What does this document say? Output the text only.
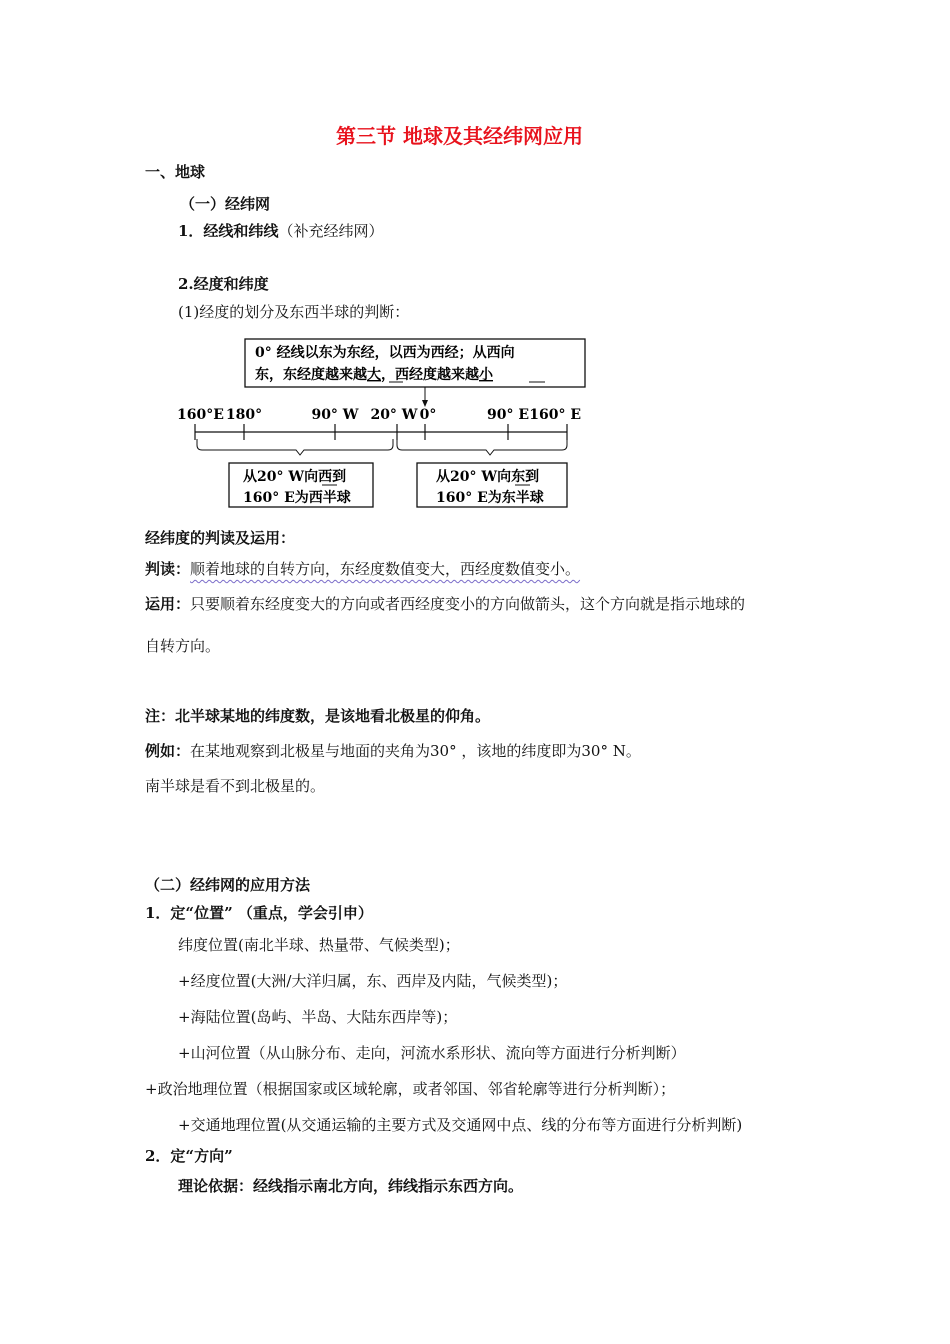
第三节 地球及其经纬网应用
一、地球
（一）经纬网
1．经线和纬线（补充经纬网）
2.经度和纬度
(1)经度的划分及东西半球的判断：
0° 经线以东为东经，以西为西经；从西向
东，东经度越来越大，西经度越来越小
160°E 180°	90° W 20° W 0°	90° E 160° E
从20° W向西到
160° E为西半球
从20° W向东到
160° E为东半球
经纬度的判读及运用：
判读：顺着地球的自转方向，东经度数值变大，西经度数值变小。
运用：只要顺着东经度变大的方向或者西经度变小的方向做箭头，这个方向就是指示地球的
自转方向。
注：北半球某地的纬度数，是该地看北极星的仰角。
例如：在某地观察到北极星与地面的夹角为30° ，该地的纬度即为30° N。
南半球是看不到北极星的。
（二）经纬网的应用方法
1．定“位置” （重点，学会引申）
纬度位置(南北半球、热量带、气候类型)；
+经度位置(大洲/大洋归属，东、西岸及内陆，气候类型)；
+海陆位置(岛屿、半岛、大陆东西岸等)；
+山河位置（从山脉分布、走向，河流水系形状、流向等方面进行分析判断）
+政治地理位置（根据国家或区域轮廓，或者邻国、邻省轮廓等进行分析判断）；
+交通地理位置(从交通运输的主要方式及交通网中点、线的分布等方面进行分析判断)
2．定“方向”
理论依据：经线指示南北方向，纬线指示东西方向。
